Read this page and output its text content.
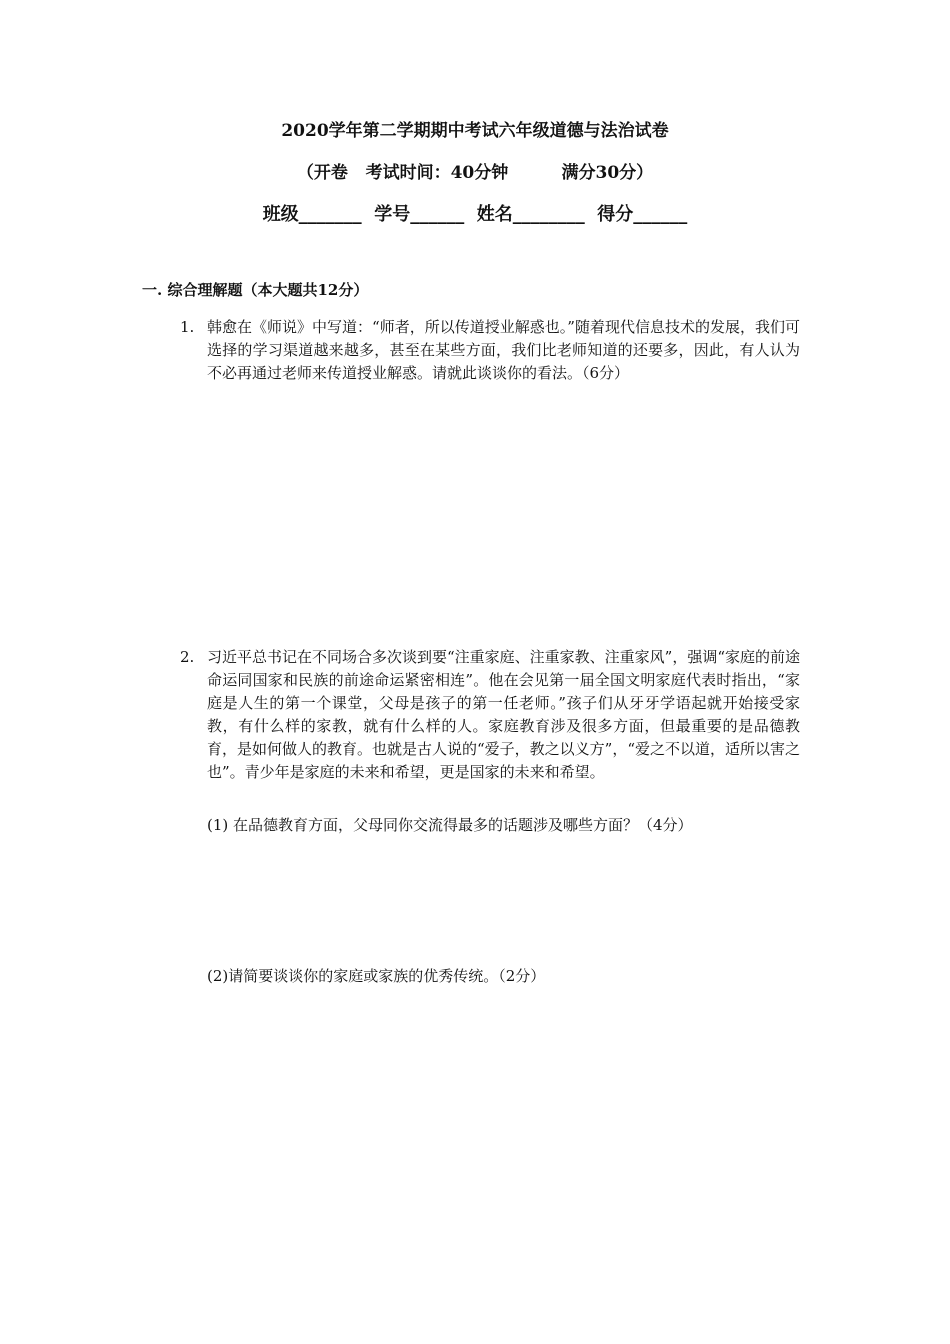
2020学年第二学期期中考试六年级道德与法治试卷
（开卷   考试时间：40分钟         满分30分）
班级_______  学号______  姓名________  得分______
一. 综合理解题（本大题共12分）
1. 韩愈在《师说》中写道：“师者，所以传道授业解惑也。”随着现代信息技术的发展，我们可选择的学习渠道越来越多，甚至在某些方面，我们比老师知道的还要多，因此，有人认为不必再通过老师来传道授业解惑。请就此谈谈你的看法。（6分）
2. 习近平总书记在不同场合多次谈到要“注重家庭、注重家教、注重家风”，强调“家庭的前途命运同国家和民族的前途命运紧密相连”。他在会见第一届全国文明家庭代表时指出，“家庭是人生的第一个课堂，父母是孩子的第一任老师。”孩子们从牙牙学语起就开始接受家教，有什么样的家教，就有什么样的人。家庭教育涉及很多方面，但最重要的是品德教育，是如何做人的教育。也就是古人说的“爱子，教之以义方”，“爱之不以道，适所以害之也”。青少年是家庭的未来和希望，更是国家的未来和希望。
(1) 在品德教育方面，父母同你交流得最多的话题涉及哪些方面？（4分）
(2)请简要谈谈你的家庭或家族的优秀传统。（2分）
